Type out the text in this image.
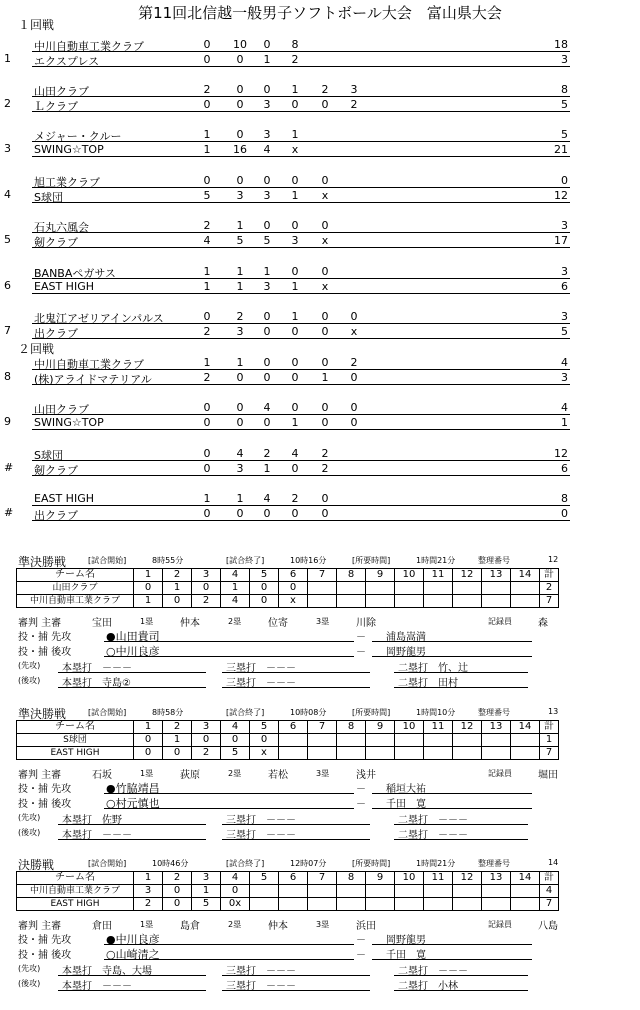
第11回北信越一般男子ソフトボール大会　富山県大会
１回戦
中川自動車工業クラブ	0	10	0	8	18
1 エクスプレス	0	0	1	2	3
山田クラブ	2	0	0	1	2	3	8
2 Ｌクラブ	0	0	3	0	0	2	5
メジャー・クルー	1	0	3	1	5
3 SWING☆TOP	1	16	4	x	21
旭工業クラブ	0	0	0	0	0	0
4 S球団	5	3	3	1	x	12
石丸六風会	2	1	0	0	0	3
5 剱クラブ	4	5	5	3	x	17
BANBAペガサス	1	1	1	0	0	3
6 EAST HIGH	1	1	3	1	x	6
北鬼江アゼリアインパルス	0	2	0	1	0	0	3
7 出クラブ	2	3	0	0	0	x	5
２回戦
中川自動車工業クラブ	1	1	0	0	0	2	4
8 (株)アライドマテリアル	2	0	0	0	1	0	3
山田クラブ	0	0	4	0	0	0	4
9 SWING☆TOP	0	0	0	1	0	0	1
S球団	0	4	2	4	2	12
# 剱クラブ	0	3	1	0	2	6
EAST HIGH	1	1	4	2	0	8
# 出クラブ	0	0	0	0	0	0
準決勝戦	[試合開始]	8時55分	[試合終了]	10時16分	[所要時間]	1時間21分	整理番号	12
チーム名	1	2	3	4	5	6	7	8	9	10	11	12	13	14	計
山田クラブ	0	1	0	1	0	0									2
中川自動車工業クラブ	1	0	2	4	0	x									7
審判 主審	宝田	1塁	仲本	2塁	位寄	3塁	川除	記録員	森
投・捕 先攻	●山田貴司	－ 浦島嵩満
投・捕 後攻	○中川良彦	－ 岡野龍男
(先攻) 本塁打　－－－	三塁打　－－－	二塁打　竹、辻
(後攻) 本塁打　寺島②	三塁打　－－－	二塁打　田村
準決勝戦	[試合開始]	8時58分	[試合終了]	10時08分	[所要時間]	1時間10分	整理番号	13
チーム名	1	2	3	4	5	6	7	8	9	10	11	12	13	14	計
S球団	0	1	0	0	0										1
EAST HIGH	0	0	2	5	x										7
審判 主審	石坂	1塁	荻原	2塁	若松	3塁	浅井	記録員	堀田
投・捕 先攻	●竹脇靖昌	－ 稲垣大祐
投・捕 後攻	○村元慎也	－ 千田　寛
(先攻) 本塁打　佐野	三塁打　－－－	二塁打　－－－
(後攻) 本塁打　－－－	三塁打　－－－	二塁打　－－－
決勝戦	[試合開始]	10時46分	[試合終了]	12時07分	[所要時間]	1時間21分	整理番号	14
チーム名	1	2	3	4	5	6	7	8	9	10	11	12	13	14	計
中川自動車工業クラブ	3	0	1	0											4
EAST HIGH	2	0	5	0x											7
審判 主審	倉田	1塁	島倉	2塁	仲本	3塁	浜田	記録員	八島
投・捕 先攻	●中川良彦	－ 岡野龍男
投・捕 後攻	○山崎清之	－ 千田　寛
(先攻) 本塁打　寺島、大場	三塁打　－－－	二塁打　－－－
(後攻) 本塁打　－－－	三塁打　－－－	二塁打　小林
